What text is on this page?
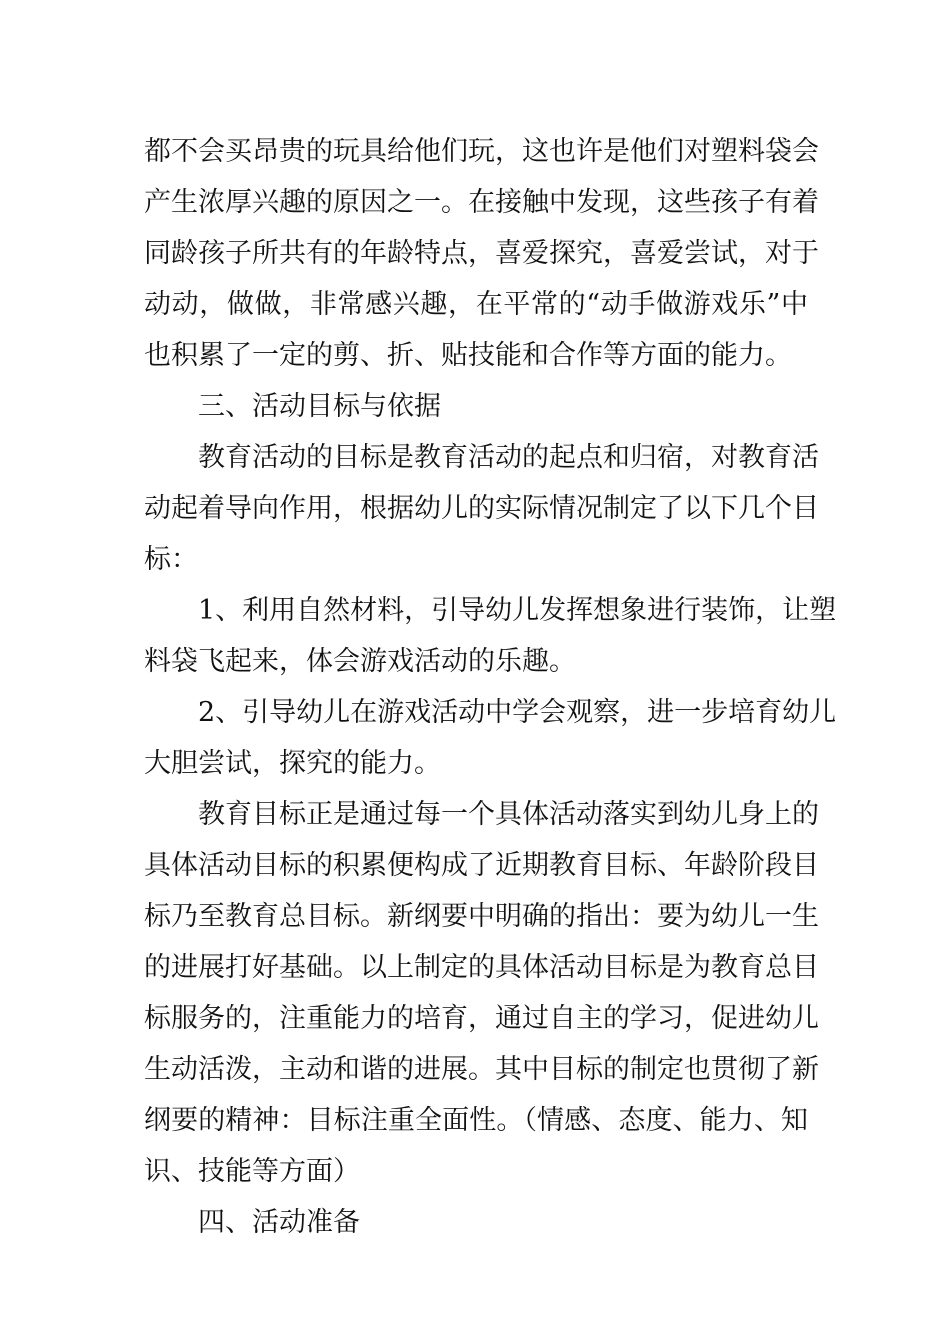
都不会买昂贵的玩具给他们玩，这也许是他们对塑料袋会
产生浓厚兴趣的原因之一。在接触中发现，这些孩子有着
同龄孩子所共有的年龄特点，喜爱探究，喜爱尝试，对于
动动，做做，非常感兴趣，在平常的“动手做游戏乐”中
也积累了一定的剪、折、贴技能和合作等方面的能力。
三、活动目标与依据
教育活动的目标是教育活动的起点和归宿，对教育活
动起着导向作用，根据幼儿的实际情况制定了以下几个目
标：
1、利用自然材料，引导幼儿发挥想象进行装饰，让塑
料袋飞起来，体会游戏活动的乐趣。
2、引导幼儿在游戏活动中学会观察，进一步培育幼儿
大胆尝试，探究的能力。
教育目标正是通过每一个具体活动落实到幼儿身上的
具体活动目标的积累便构成了近期教育目标、年龄阶段目
标乃至教育总目标。新纲要中明确的指出：要为幼儿一生
的进展打好基础。以上制定的具体活动目标是为教育总目
标服务的，注重能力的培育，通过自主的学习，促进幼儿
生动活泼，主动和谐的进展。其中目标的制定也贯彻了新
纲要的精神：目标注重全面性。（情感、态度、能力、知
识、技能等方面）
四、活动准备
